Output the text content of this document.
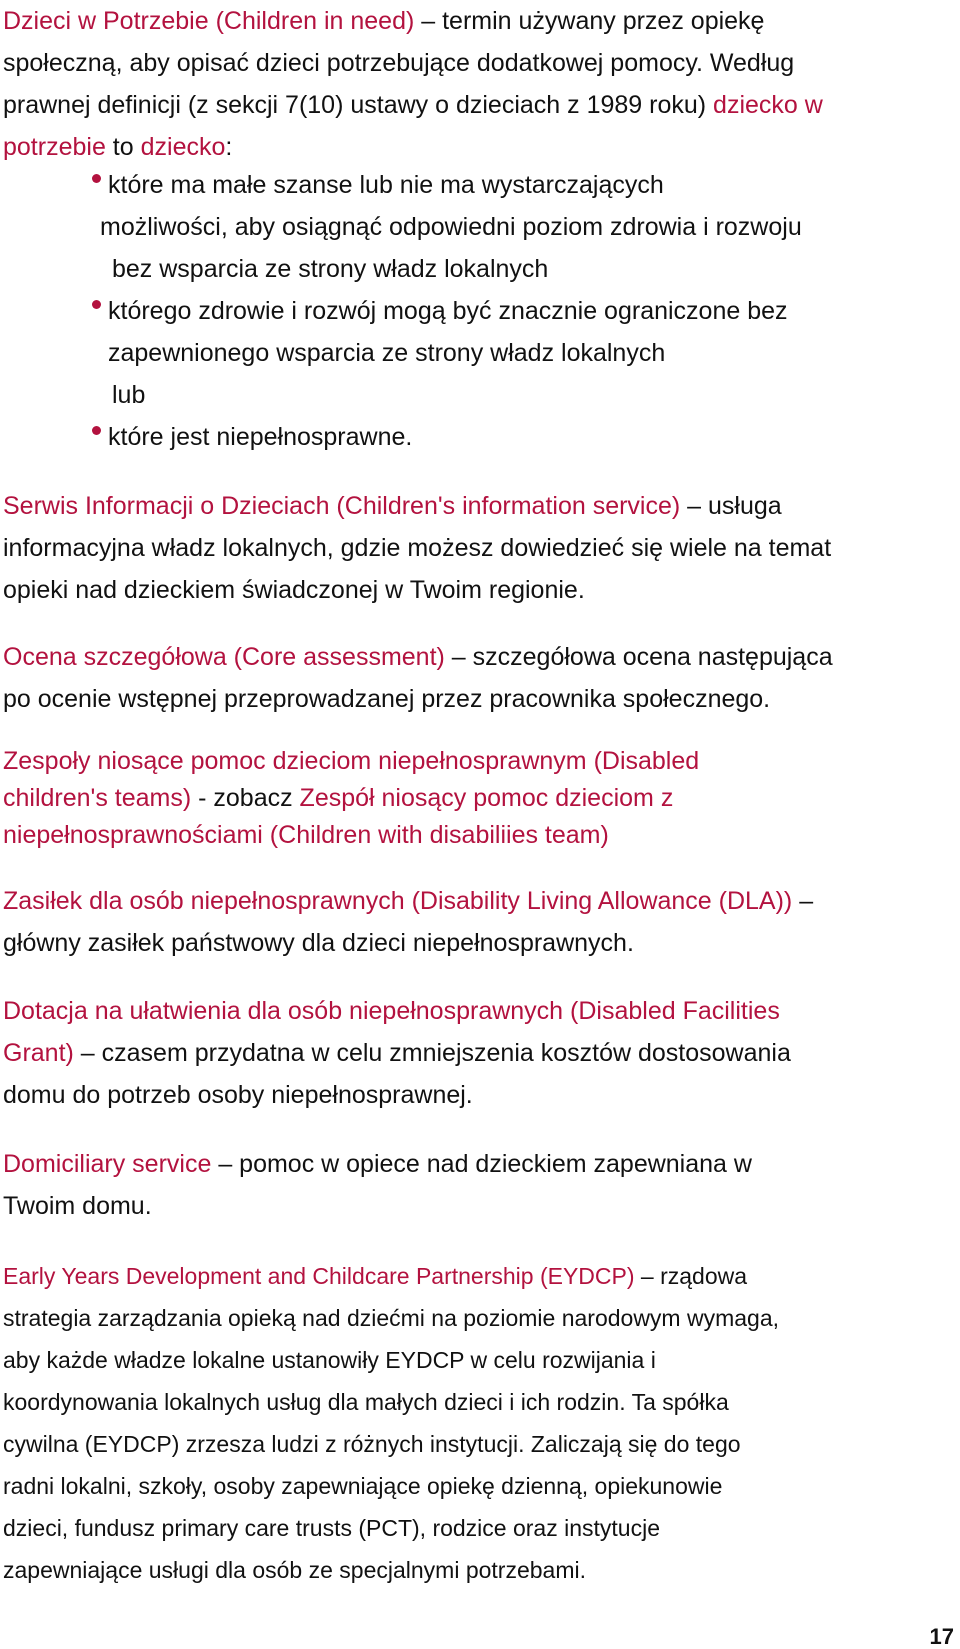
Dzieci w Potrzebie (Children in need) – termin używany przez opiekę
społeczną, aby opisać dzieci potrzebujące dodatkowej pomocy. Według
prawnej definicji (z sekcji 7(10) ustawy o dzieciach z 1989 roku) dziecko w
potrzebie to dziecko:
które ma małe szanse lub nie ma wystarczających
możliwości, aby osiągnąć odpowiedni poziom zdrowia i rozwoju
bez wsparcia ze strony władz lokalnych
którego zdrowie i rozwój mogą być znacznie ograniczone bez
zapewnionego wsparcia ze strony władz lokalnych
lub
które jest niepełnosprawne.
Serwis Informacji o Dzieciach (Children's information service) – usługa
informacyjna władz lokalnych, gdzie możesz dowiedzieć się wiele na temat
opieki nad dzieckiem świadczonej w Twoim regionie.
Ocena szczegółowa (Core assessment) – szczegółowa ocena następująca
po ocenie wstępnej przeprowadzanej przez pracownika społecznego.
Zespoły niosące pomoc dzieciom niepełnosprawnym (Disabled
children's teams) - zobacz Zespół niosący pomoc dzieciom z
niepełnosprawnościami (Children with disabiliies team)
Zasiłek dla osób niepełnosprawnych (Disability Living Allowance (DLA)) –
główny zasiłek państwowy dla dzieci niepełnosprawnych.
Dotacja na ułatwienia dla osób niepełnosprawnych (Disabled Facilities
Grant) – czasem przydatna w celu zmniejszenia kosztów dostosowania
domu do potrzeb osoby niepełnosprawnej.
Domiciliary service – pomoc w opiece nad dzieckiem zapewniana w
Twoim domu.
Early Years Development and Childcare Partnership (EYDCP) – rządowa
strategia zarządzania opieką nad dziećmi na poziomie narodowym wymaga,
aby każde władze lokalne ustanowiły EYDCP w celu rozwijania i
koordynowania lokalnych usług dla małych dzieci i ich rodzin. Ta spółka
cywilna (EYDCP) zrzesza ludzi z różnych instytucji. Zaliczają się do tego
radni lokalni, szkoły, osoby zapewniające opiekę dzienną, opiekunowie
dzieci, fundusz primary care trusts (PCT), rodzice oraz instytucje
zapewniające usługi dla osób ze specjalnymi potrzebami.
17
